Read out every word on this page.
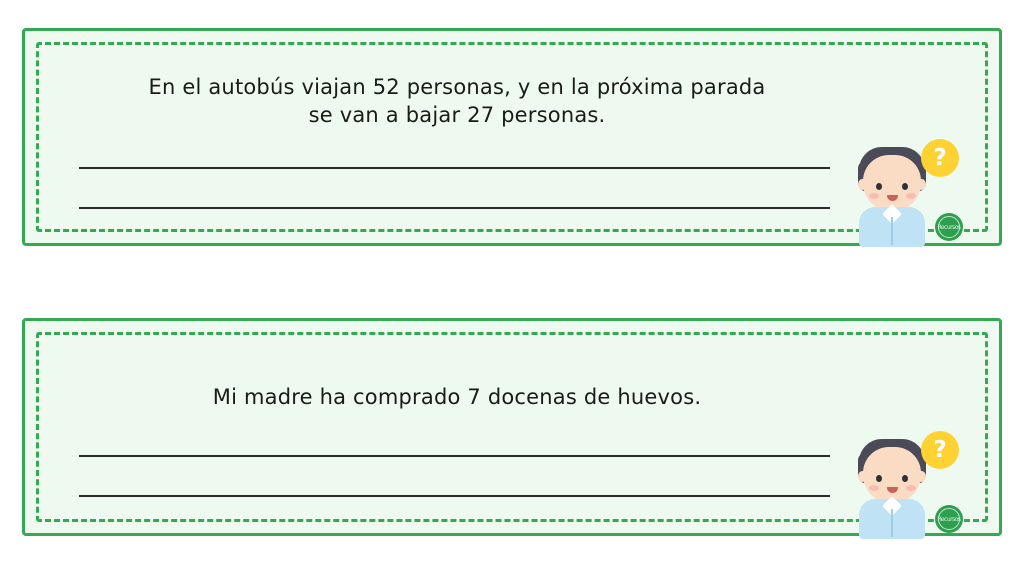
En el autobús viajan 52 personas, y en la próxima parada
se van a bajar 27 personas.
?
Recursos
Mi madre ha comprado 7 docenas de huevos.
?
Recursos
